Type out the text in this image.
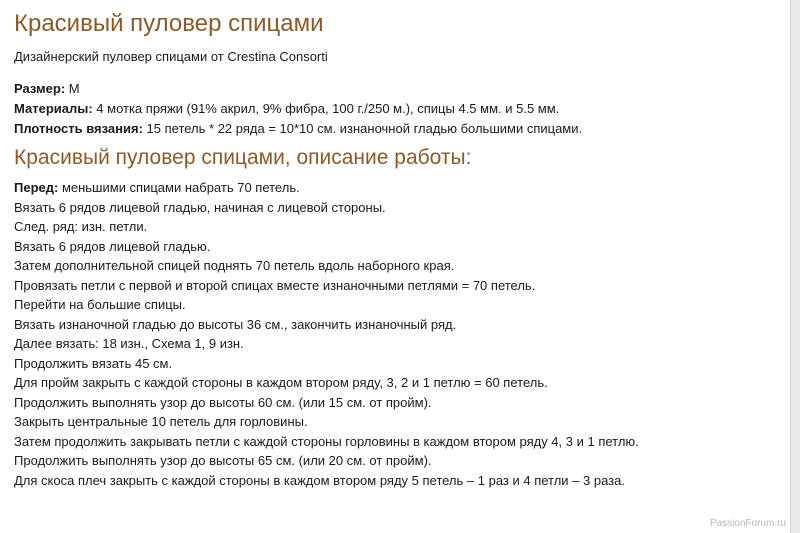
Красивый пуловер спицами

Дизайнерский пуловер спицами от Crestina Consorti

Размер: M
Материалы: 4 мотка пряжи (91% акрил, 9% фибра, 100 г./250 м.), спицы 4.5 мм. и 5.5 мм.
Плотность вязания: 15 петель * 22 ряда = 10*10 см. изнаночной гладью большими спицами.
Красивый пуловер спицами, описание работы:
Перед: меньшими спицами набрать 70 петель.
Вязать 6 рядов лицевой гладью, начиная с лицевой стороны.
След. ряд: изн. петли.
Вязать 6 рядов лицевой гладью.
Затем дополнительной спицей поднять 70 петель вдоль наборного края.
Провязать петли с первой и второй спицах вместе изнаночными петлями = 70 петель.
Перейти на большие спицы.
Вязать изнаночной гладью до высоты 36 см., закончить изнаночный ряд.
Далее вязать: 18 изн., Схема 1, 9 изн.
Продолжить вязать 45 см.
Для пройм закрыть с каждой стороны в каждом втором ряду, 3, 2 и 1 петлю = 60 петель.
Продолжить выполнять узор до высоты 60 см. (или 15 см. от пройм).
Закрыть центральные 10 петель для горловины.
Затем продолжить закрывать петли с каждой стороны горловины в каждом втором ряду 4, 3 и 1 петлю.
Продолжить выполнять узор до высоты 65 см. (или 20 см. от пройм).
Для скоса плеч закрыть с каждой стороны в каждом втором ряду 5 петель – 1 раз и 4 петли – 3 раза.
PassionForum.ru
